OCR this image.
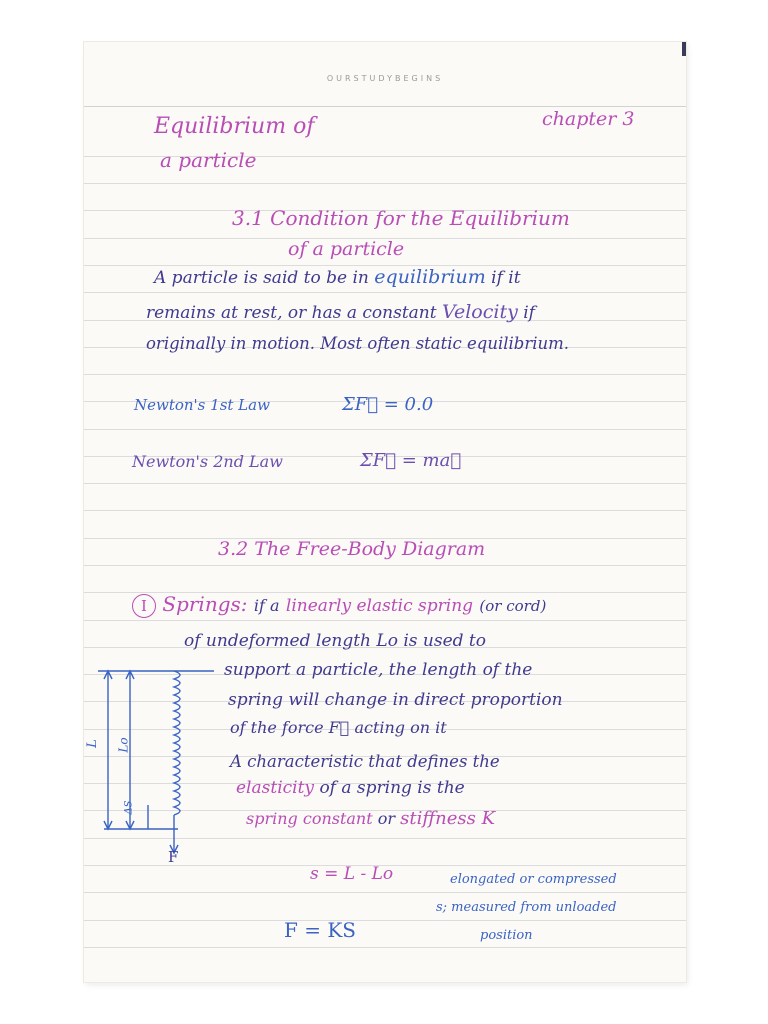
OURSTUDYBEGINS
Equilibrium of
a particle
chapter 3
3.1 Condition for the Equilibrium
of a particle
A particle is said to be in equilibrium if it
remains at rest, or has a constant Velocity if
originally in motion. Most often static equilibrium.
Newton's 1st Law	ΣF⃗ = 0.0
Newton's 2nd Law	ΣF⃗ = ma⃗
3.2 The Free-Body Diagram
I Springs: if a linearly elastic spring (or cord)
of undeformed length Lo is used to
support a particle, the length of the
spring will change in direct proportion
of the force F⃗ acting on it
A characteristic that defines the
elasticity of a spring is the
spring constant or stiffness K
L Lo
ΔS
F
s = L - Lo	elongated or compressed
s; measured from unloaded
position
F = KS
